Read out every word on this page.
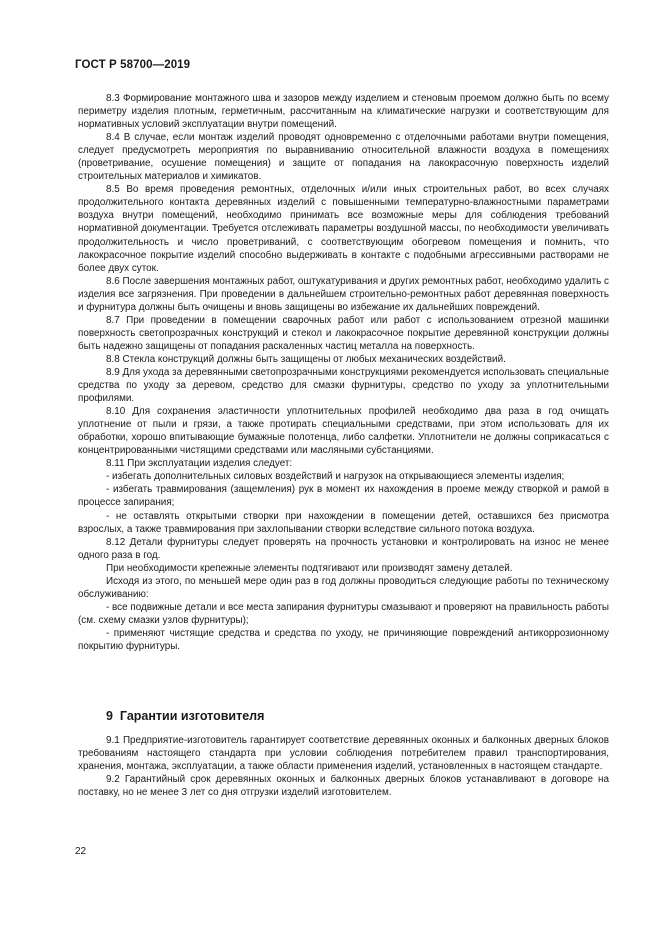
ГОСТ Р 58700—2019

8.3 Формирование монтажного шва и зазоров между изделием и стеновым проемом должно быть по всему периметру изделия плотным, герметичным, рассчитанным на климатические нагрузки и соответствующим для нормативных условий эксплуатации внутри помещений.

8.4 В случае, если монтаж изделий проводят одновременно с отделочными работами внутри помещения, следует предусмотреть мероприятия по выравниванию относительной влажности воздуха в помещениях (проветривание, осушение помещения) и защите от попадания на лакокрасочную поверхность изделий строительных материалов и химикатов.

8.5 Во время проведения ремонтных, отделочных и/или иных строительных работ, во всех случаях продолжительного контакта деревянных изделий с повышенными температурно-влажностными параметрами воздуха внутри помещений, необходимо принимать все возможные меры для соблюдения требований нормативной документации. Требуется отслеживать параметры воздушной массы, по необходимости увеличивать продолжительность и число проветриваний, с соответствующим обогревом помещения и помнить, что лакокрасочное покрытие изделий способно выдерживать в контакте с подобными агрессивными растворами не более двух суток.

8.6 После завершения монтажных работ, оштукатуривания и других ремонтных работ, необходимо удалить с изделия все загрязнения. При проведении в дальнейшем строительно-ремонтных работ деревянная поверхность и фурнитура должны быть очищены и вновь защищены во избежание их дальнейших повреждений.

8.7 При проведении в помещении сварочных работ или работ с использованием отрезной машинки поверхность светопрозрачных конструкций и стекол и лакокрасочное покрытие деревянной конструкции должны быть надежно защищены от попадания раскаленных частиц металла на поверхность.

8.8 Стекла конструкций должны быть защищены от любых механических воздействий.

8.9 Для ухода за деревянными светопрозрачными конструкциями рекомендуется использовать специальные средства по уходу за деревом, средство для смазки фурнитуры, средство по уходу за уплотнительными профилями.

8.10 Для сохранения эластичности уплотнительных профилей необходимо два раза в год очищать уплотнение от пыли и грязи, а также протирать специальными средствами, при этом использовать для их обработки, хорошо впитывающие бумажные полотенца, либо салфетки. Уплотнители не должны соприкасаться с концентрированными чистящими средствами или масляными субстанциями.

8.11 При эксплуатации изделия следует:

- избегать дополнительных силовых воздействий и нагрузок на открывающиеся элементы изделия;

- избегать травмирования (защемления) рук в момент их нахождения в проеме между створкой и рамой в процессе запирания;

- не оставлять открытыми створки при нахождении в помещении детей, оставшихся без присмотра взрослых, а также травмирования при захлопывании створки вследствие сильного потока воздуха.

8.12 Детали фурнитуры следует проверять на прочность установки и контролировать на износ не менее одного раза в год.

При необходимости крепежные элементы подтягивают или производят замену деталей.

Исходя из этого, по меньшей мере один раз в год должны проводиться следующие работы по техническому обслуживанию:

- все подвижные детали и все места запирания фурнитуры смазывают и проверяют на правильность работы (см. схему смазки узлов фурнитуры);

- применяют чистящие средства и средства по уходу, не причиняющие повреждений антикоррозионному покрытию фурнитуры.

9 Гарантии изготовителя

9.1 Предприятие-изготовитель гарантирует соответствие деревянных оконных и балконных дверных блоков требованиям настоящего стандарта при условии соблюдения потребителем правил транспортирования, хранения, монтажа, эксплуатации, а также области применения изделий, установленных в настоящем стандарте.

9.2 Гарантийный срок деревянных оконных и балконных дверных блоков устанавливают в договоре на поставку, но не менее 3 лет со дня отгрузки изделий изготовителем.

22
